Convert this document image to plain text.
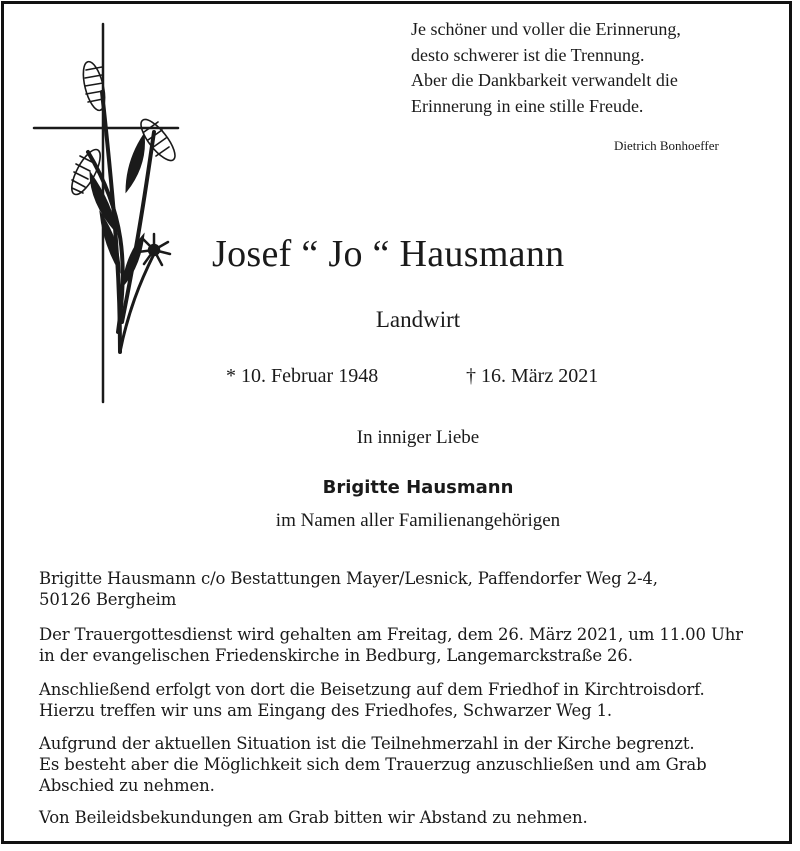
Je schöner und voller die Erinnerung,
desto schwerer ist die Trennung.
Aber die Dankbarkeit verwandelt die
Erinnerung in eine stille Freude.
Dietrich Bonhoeffer
Josef “ Jo “ Hausmann
Landwirt
* 10. Februar 1948	† 16. März 2021
In inniger Liebe
Brigitte Hausmann
im Namen aller Familienangehörigen
Brigitte Hausmann c/o Bestattungen Mayer/Lesnick, Paffendorfer Weg 2-4,
50126 Bergheim
Der Trauergottesdienst wird gehalten am Freitag, dem 26. März 2021, um 11.00 Uhr
in der evangelischen Friedenskirche in Bedburg, Langemarckstraße 26.
Anschließend erfolgt von dort die Beisetzung auf dem Friedhof in Kirchtroisdorf.
Hierzu treffen wir uns am Eingang des Friedhofes, Schwarzer Weg 1.
Aufgrund der aktuellen Situation ist die Teilnehmerzahl in der Kirche begrenzt.
Es besteht aber die Möglichkeit sich dem Trauerzug anzuschließen und am Grab
Abschied zu nehmen.
Von Beileidsbekundungen am Grab bitten wir Abstand zu nehmen.
